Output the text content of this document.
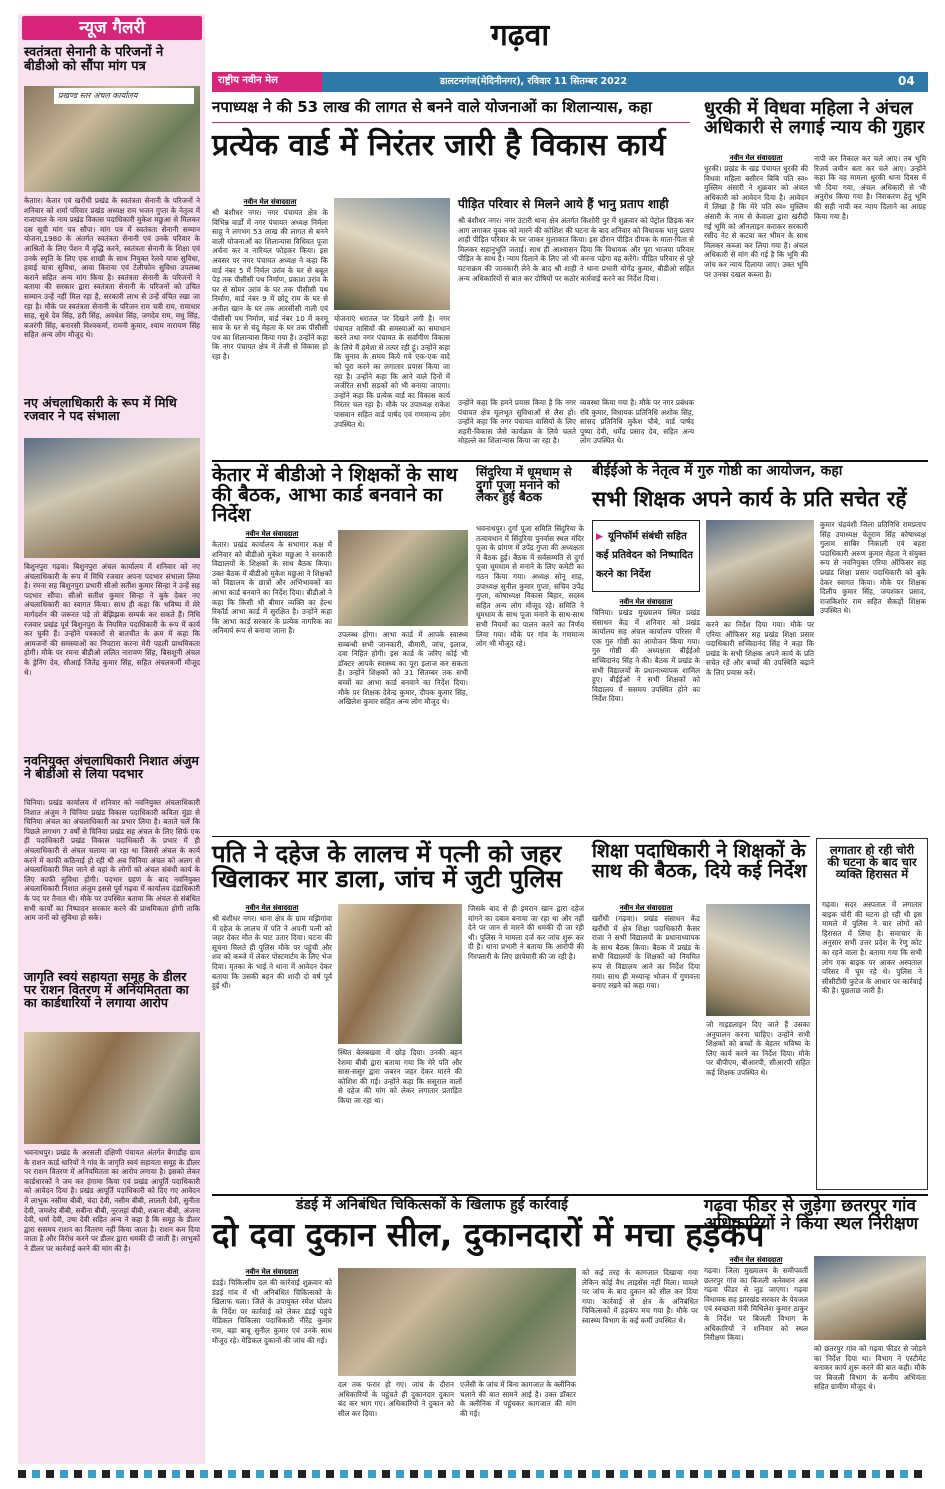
न्यूज गैलरी
स्वतंत्रता सेनानी के परिजनों ने बीडीओ को सौंपा मांग पत्र
प्रखण्ड स्तर अंचल कार्यालय
केताार। केतार एवं खरौंधी प्रखंड के स्वतंत्रता सेनानी के परिजनों ने शनिवार को शर्मा परिवार प्रखंड अध्यक्ष राम भजन गुप्ता के नेतृत्व में राजापाल के नाम प्रखंड विकास पदाधिकारी मुकेश मछुआ से मिलकर दस सूत्री मांग पत्र सौंपा। मांग पत्र में स्वतंत्रता सेनानी सम्मान योजना,1980 के अंतर्गत स्वतंत्रता सेनानी एवं उनके परिवार के आश्रितों के लिए पेंशन में वृद्धि करने, स्वतंत्रता सेनानी के शिक्षा एवं उनके स्मृति के लिए एक शाखी के साथ नियुक्त रेलवे यात्रा सुविधा, हवाई यात्रा सुविधा, आवा किराया एवं टेलीफोन सुविधा उपलब्ध कराने सहित अन्य मांग किया है। स्वतंत्रता सेनानी के परिजनों ने बताया की सरकार द्वारा स्वतंत्रता सेनानी के परिजनों को उचित सम्मान उन्हें नहीं मिल रहा है, सरकारी लाभ से उन्हें वंचित रखा जा रहा है। मौके पर स्वतंत्रता सेनानी के परिजन राम चत्री राम, रामाधार साह, सुधे देव सिंह, हरी सिंह, अवधेश सिंह, जगदेव राम, मधु सिंह, बजरंगी सिंह, बनारसी विश्वकर्मा, रामनी कुमार, श्याम नारायण सिंह सहित अन्य लोग मौजूद थे।
नए अंचलाधिकारी के रूप में मिथि रजवार ने पद संभाला
बिशुनपुरा गढ़वा। बिशुनपुरा अंचल कार्यालय में शनिवार को नए अंचलाधिकारी के रूप में मिथि रजवार अपना पदभार संभाला लिया है। रमना सह बिशुनपुरा प्रभारी सीओ सतीश कुमार सिन्हा ने उन्हें सह पदभार सौंपा। सीओ सतीश कुमार सिन्हा ने बुके देकर नए अंचलाधिकारी का स्वागत किया। साथ ही कहा कि भविष्य में मेरे मार्गदर्शन की जरूरत पड़े तो बेझिझक सम्पर्क कर सकते हैं। निधि रजवार प्रखंड पूर्व बिशुनपुरा के नियमित पदाधिकारी के रूप में कार्य कर चुकी हैं। उन्होंने पत्रकारों से बातचीत के क्रम में कहा कि आमजनों की समस्याओं का निपटारा करना मेरी पहली प्राथमिकता होगी। मौके पर रमना बीडीओ ललित नारायण सिंह, बिसशुनी अंचल के ड्रेनिंग देव, सीआई जितेंद्र कुमार सिंह, सहित अंचलकर्मी मौजूद थे।
नवनियुक्त अंचलाधिकारी निशात अंजुम ने बीडीओ से लिया पदभार
चिनिया। प्रखंड कार्यालय में शनिवार को नवनियुक्त अंचलाधिकारी निशात अंजुम ने चिनिया प्रखंड विकास पदाधिकारी कविता मुंडा से चिनिया अंचल का अंचलाधिकारी का प्रभार लिया है। बताते चलें कि पिछले लगभग 7 वर्षों से चिनिया प्रखंड सह अंचल के लिए सिर्फ एक ही पदाधिकारी प्रखंड विकास पदाधिकारी के प्रभार में ही अंचलाधिकारी से अंचल चलाया जा रहा था जिससे अंचल के कार्य करने में काफी कठिनाई हो रही थी अब चिनिया अंचल को अलग से अंचलाधिकारी मिल जाने से वहां के लोगों को अंचल संबंधी कार्य के लिए काफी सुविधा होगी। पदभार ग्रहण के बाद नवनियुक्त अंचलाधिकारी निशात अंजुम इससे पूर्व गढ़वा में कार्यालय दंडाधिकारी के पद पर तैनात थी। मौके पर उपस्थित बताया कि अंचल से संबंधित सभी कार्यों का निष्पादन सरकार करने की प्राथमिकता होगी ताकि आम जनों को सुविधा हो सके।
जागृति स्वयं सहायता समूह के डीलर पर राशन वितरण में अनियमितता का का कार्डधारियों ने लगाया आरोप
भवनाथपुर। प्रखंड के अरसली दक्षिणी पंचायत अंतर्गत बैगाडीह ग्राम के राशन कार्ड धारियों ने गांव के जागृति स्वयं सहायता समूह के डीलर पर राशन वितरण में अनियमितता का आरोप लगाया है। इसको लेकर कार्डधारकों ने जम कर हंगामा किया एवं प्रखंड आपूर्ति पदाधिकारी को आवेदन दिया है। प्रखंड आपूर्ति पदाधिकारी को दिए गए आवेदन में लाभुक नसीमा बीबी, चंदा देवी, नसीम बीबी, लालती देवी, सुनीता देवी, जमशेद बीबी, सबीना बीबी, नूरजहां बीबी, शबाना बीबी, अंजना देवी, धर्मा देवी, उषा देवी सहित अन्य ने कहा है कि समूह के डीलर द्वारा ससमय राशन का वितरण नहीं किया जाता है। राशन कम दिया जाता है और विरोध करने पर डीलर द्वारा धमकी दी जाती है। लाभुकों ने डीलर पर कार्रवाई करने की मांग की है।
गढ़वा
राष्ट्रीय नवीन मेल	डालटनगंज(मेदिनीनगर), रविवार 11 सितम्बर 2022	04
नपाध्यक्ष ने की 53 लाख की लागत से बनने वाले योजनाओं का शिलान्यास, कहा
प्रत्येक वार्ड में निरंतर जारी है विकास कार्य
नवीन मेल संवाददाता
श्री बंशीधर नगर। नगर पंचायत क्षेत्र के विभिन्न वार्डों में नगर पंचायत अध्यक्ष निर्मला साहू ने लगभग 53 लाख की लागत से बनने वाली योजनाओं का शिलान्यास विधिवत पूजा अर्चना कर व नारियल फोड़कर किया। इस अवसर पर नगर पंचायत अध्यक्ष ने कहा कि वार्ड नंबर 5 में निर्मल उरांव के घर से बबूल पेड़ तक पीसीसी पथ निर्माण, प्रकाश उरांव के घर से सोमर उरांव के घर तक पीसीसी पथ निर्माण, वार्ड नंबर 9 में छोटू राम के घर से अनील खान के घर तक आरसीसी नाली एवं पीसीसी पथ निर्माण, वार्ड नंबर 10 में करमू साव के घर से चंदू मेहता के घर तक पीसीसी पथ का शिलान्यास किया गया है। उन्होंने कहा कि नगर पंचायत क्षेत्र में तेजी से विकास हो रहा है।
योजनाएं धरातल पर दिखने लगी है। नगर पंचायत वासियों की समस्याओं का समाधान करने तथा नगर पंचायत के सर्वांगीण विकास के लिये मैं हमेशा से तत्पर रही हूं। उन्होंने कहा कि चुनाव के समय किये गये एक-एक वादे को पूरा करने का लगातार प्रयास किया जा रहा है। उन्होंने कहा कि आने वाले दिनों में जर्जरित सभी सड़कों को भी बनाया जाएगा। उन्होंने कहा कि प्रत्येक वार्ड का विकास कार्य निरंतर चल रहा है। मौके पर उपाध्यक्ष राकेश पासवान सहित वार्ड पार्षद एवं गणमान्य लोग उपस्थित थे।
पीड़ित परिवार से मिलने आये हैं भानु प्रताप शाही
श्री बंशीधर नगर। नगर उंटारी थाना क्षेत्र अंतर्गत किशोरी पुर में शुक्रवार को पेट्रोल छिड़क कर आग लगाकर युवक को मारने की कोशिश की घटना के बाद शनिवार को विधायक भानु प्रताप शाही पीड़ित परिवार के घर जाकर मुलाकात किया। इस दौरान पीड़ित दीपक के माता-पिता से मिलकर सहानुभूति जताई। साथ ही आश्वासन दिया कि विधायक और पूरा भाजपा परिवार पीड़ित के साथ है। न्याय दिलाने के लिए जो भी करना पड़ेगा वह करेंगे। पीड़ित परिवार से पूरे घटनाक्रम की जानकारी लेने के बाद श्री शाही ने थाना प्रभारी योगेंद्र कुमार, बीडीओ सहित अन्य अधिकारियों से बात कर दोषियों पर कठोर कार्रवाई करने का निर्देश दिया।
उन्होंने कहा कि हमने प्रयास किया है कि नगर पंचायत क्षेत्र मूलभूत सुविधाओं से लैस हो। उन्होंने कहा कि नगर पंचायत वासियों के लिए शहरी-विकास जैसे कार्यक्रम के लिये चलते मोहल्ले का शिलान्यास किया जा रहा है।
व्यवस्था किया गया है। मौके पर नगर प्रबंधक रवि कुमार, विधायक प्रतिनिधि अशोक सिंह, सांसद प्रतिनिधि मुकेश चौबे, वार्ड पार्षद पुष्पा देवी, धर्मेंद्र प्रसाद देव, सहित अन्य लोग उपस्थित थे।
धुरकी में विधवा महिला ने अंचल अधिकारी से लगाई न्याय की गुहार
नवीन मेल संवाददाता
धुरकी। प्रखंड के खड़ पंचायत धुरकी की विधवा महिला बसीरन बिबि पति स्व० मुस्लिम अंसारी ने शुक्रवार को अंचल अधिकारी को आवेदन दिया है। आवेदन में लिखा है कि मेरे पति स्व० मुस्लिम अंसारी के नाम से केवाला द्वारा खरीदी गई भूमि को ऑनलाइन कराकर सरकारी रसीद नेट से कटवा कर भीमन के साथ मिलकर कब्जा कर लिया गया है। अंचल अधिकारी से मांग की गई है कि भूमि की जांच कर न्याय दिलाया जाए। उक्त भूमि पर उनका दखल कब्जा है।
नापी कर निकाल कर चले आए। तब भूमि रिजर्व जमीन बता कर चले आए। उन्होंने कहा कि वह मामला धुरकी थाना दिवस में भी दिया गया, अंचल अधिकारी से भी अनुरोध किया गया है। निराकरण हेतु भूमि की सही नापी कर न्याय दिलाने का आग्रह किया गया है।
केतार में बीडीओ ने शिक्षकों के साथ की बैठक, आभा कार्ड बनवाने का निर्देश
नवीन मेल संवाददाता
केतार। प्रखंड कार्यालय के सभागार कक्ष में शनिवार को बीडीओ मुकेश मछुआ ने सरकारी विद्यालयों के शिक्षकों के साथ बैठक किया। उक्त बैठक में बीडीओ मुकेश मछुआ ने शिक्षकों को विद्यालय के छात्रों और अभिभावकों का आभा कार्ड बनवाने का निर्देश दिया। बीडीओ ने कहा कि किसी भी बीमार व्यक्ति का हेल्थ रिकॉर्ड आभा कार्ड में सुरक्षित है। उन्होंने कहा कि आभा कार्ड सरकार के प्रत्येक नागरिक का अनिवार्य रूप से बनाया जाना है।	उपलब्ध होगा। आभा कार्ड में आपके स्वास्थ्य सम्बन्धी सभी जानकारी, बीमारी, जांच, इलाज, दवा निहित होगी। इस कार्ड के जरिए कोई भी डॉक्टर आपके स्वास्थ्य का पूरा इलाज कर सकता है। उन्होंने शिक्षकों को 31 सितम्बर तक सभी बच्चों का आभा कार्ड बनवाने का निर्देश दिया। मौके पर शिक्षक देवेन्द्र कुमार, दीपक कुमार सिंह, अखिलेश कुमार सहित अन्य लोग मौजूद थे।
सिंदुरिया में धूमधाम से दुर्गा पूजा मनाने को लेकर हुई बैठक
भवनाथपुर। दुर्गा पूजा समिति सिंदुरिया के तत्वावधान में सिंदुरिया पुनर्वास स्थल मंदिर पूजा के प्रांगण में उपेंद्र गुप्ता की अध्यक्षता में बैठक हुई। बैठक में सर्वसम्मति से दुर्गा पूजा धूमधाम से मनाने के लिए कमेटी का गठन किया गया। अध्यक्ष सोनू शाह, उपाध्यक्ष सुनील कुमार गुप्ता, सचिव उपेंद्र गुप्ता, कोषाध्यक्ष विकास बिहार, सदस्य सहित अन्य लोग मौजूद रहे। समिति ने धूमधाम के साथ पूजा मनाने के साथ-साथ सभी नियमों का पालन करने का निर्णय लिया गया। मौके पर गांव के गणमान्य लोग भी मौजूद रहे।
बीईईओ के नेतृत्व में गुरु गोष्ठी का आयोजन, कहा
सभी शिक्षक अपने कार्य के प्रति सचेत रहें
▶ यूनिफॉर्म संबंधी सहित कई प्रतिवेदन को निष्पादित करने का निर्देश
नवीन मेल संवाददाता
चिनिया। प्रखंड मुख्यालय स्थित प्रखंड संसाधन केंद्र में शनिवार को प्रखंड कार्यालय सह अंचल कार्यालय परिसर में एक गुरु गोष्ठी का आयोजन किया गया। गुरु गोष्ठी की अध्यक्षता बीईईओ सच्चिदानंद सिंह ने की। बैठक में प्रखंड के सभी विद्यालयों के प्रधानाध्यापक शामिल हुए। बीईईओ ने सभी शिक्षकों को विद्यालय में ससमय उपस्थित होने का निर्देश दिया।
करने का निर्देश दिया गया। मौके पर एरिया ऑफिसर सह प्रखंड शिक्षा प्रसार पदाधिकारी सच्चिदानंद सिंह ने कहा कि प्रखंड के सभी शिक्षक अपने कार्य के प्रति सचेत रहें और बच्चों की उपस्थिति बढ़ाने के लिए प्रयास करें।
कुमार चंद्रवंशी जिला प्रतिनिधि रामप्रताप सिंह उपाध्यक्ष चेतूराम सिंह कोषाध्यक्ष गुलाम साबिर निकाली एवं बहरा पदाधिकारी अरुण कुमार मेहता ने संयुक्त रूप से नवनियुक्त एरिया ऑफिसर सह प्रखंड शिक्षा प्रसार पदाधिकारी को बुके देकर स्वागत किया। मौके पर शिक्षक दिलीप कुमार सिंह, जयशंकर प्रसाद, राजकिशोर राम सहित सैकड़ों शिक्षक उपस्थित थे।
पति ने दहेज के लालच में पत्नी को जहर खिलाकर मार डाला, जांच में जुटी पुलिस
नवीन मेल संवाददाता
श्री बंशीधर नगर। थाना क्षेत्र के ग्राम मझिगांवा में दहेज के लालच में पति ने अपनी पत्नी को जहर देकर मौत के घाट उतार दिया। घटना की सूचना मिलते ही पुलिस मौके पर पहुंची और शव को कब्जे में लेकर पोस्टमार्टम के लिए भेज दिया। मृतका के भाई ने थाना में आवेदन देकर बताया कि उसकी बहन की शादी दो वर्ष पूर्व हुई थी।
स्थित बेलबखवा में छोड़ दिया। उनकी बहन रेशमा बीबी द्वारा बताया गया कि मेरे पति और सास-ससुर द्वारा जबरन जहर देकर मारने की कोशिश की गई। उन्होंने कहा कि ससुराल वालों से दहेज की मांग को लेकर लगातार प्रताड़ित किया जा रहा था।
जिसके बाद से ही इमरान खान द्वारा दहेज मांगने का दबाव बनाया जा रहा था और नहीं देने पर जान से मारने की धमकी दी जा रही थी। पुलिस ने मामला दर्ज कर जांच शुरू कर दी है। थाना प्रभारी ने बताया कि आरोपी की गिरफ्तारी के लिए छापेमारी की जा रही है।
शिक्षा पदाधिकारी ने शिक्षकों के साथ की बैठक, दिये कई निर्देश
नवीन मेल संवाददाता
खरौंधी (गढ़वा)। प्रखंड संसाधन केंद्र खरौंधी में क्षेत्र शिक्षा पदाधिकारी कैसर राजा ने सभी विद्यालयों के प्रधानाध्यापक के साथ बैठक किया। बैठक में प्रखंड के सभी विद्यालयों के शिक्षकों को नियमित रूप से विद्यालय आने का निर्देश दिया गया। साथ ही मध्यान्ह भोजन में गुणवत्ता बनाए रखने को कहा गया।
जो गाइडलाइन दिए जाते हैं उसका अनुपालन करना चाहिए। उन्होंने सभी शिक्षकों को बच्चों के बेहतर भविष्य के लिए कार्य करने का निर्देश दिया। मौके पर बीपीएम, बीआरपी, सीआरपी सहित कई शिक्षक उपस्थित थे।
लगातार हो रही चोरी की घटना के बाद चार व्यक्ति हिरासत में
गढ़वा। सदर अस्पताल में लगातार बाइक चोरी की घटना हो रही थी इस मामले में पुलिस ने चार लोगों को हिरासत में लिया है। समाचार के अनुसार सभी उत्तर प्रदेश के रेणु कोट का रहने वाला है। बताया गया कि सभी लोग एक बाइक पर आकर अस्पताल परिसर में घूम रहे थे। पुलिस ने सीसीटीवी फुटेज के आधार पर कार्रवाई की है। पूछताछ जारी है।
डंडई में अनिबंधित चिकित्सकों के खिलाफ हुई कार्रवाई
दो दवा दुकान सील, दुकानदारों में मचा हड़कंप
नवीन मेल संवाददाता
डंडई। चिकित्सीय दल की कार्रवाई शुक्रवार को डंडई गांव में भी अनिबंधित चिकित्सकों के खिलाफ चला। जिले के उपायुक्त रमेश घोलप के निर्देश पर कार्रवाई को लेकर डंडई पहुंचे मेडिकल चिकित्सा पदाधिकारी नीरेंद्र कुमार राम, बड़ा बाबू सुनील कुमार एवं उनके साथ मौजूद रहे। मेडिकल दुकानों की जांच की गई।
दल तक फरार हो गए। जांच के दौरान अधिकारियों के पहुंचते ही दुकानदार दुकान बंद कर भाग गए। अधिकारियों ने दुकान को सील कर दिया।
एजेंसी के जांच में बिना कागजात के क्लीनिक चलाने की बात सामने आई है। उक्त डॉक्टर के क्लीनिक में पहुंचकर कागजात की मांग की गई।
को कई तरह के कागजात दिखाया गया लेकिन कोई वैध लाइसेंस नहीं मिला। मामले पर जांच के बाद दुकान को सील कर दिया गया। कार्रवाई से क्षेत्र के अनिबंधित चिकित्सकों में हड़कंप मच गया है। मौके पर स्वास्थ्य विभाग के कई कर्मी उपस्थित थे।
गढ़वा फीडर से जुड़ेगा छतरपुर गांव अधिकारियों ने किया स्थल निरीक्षण
नवीन मेल संवाददाता
गढ़वा। जिला मुख्यालय के समीपवर्ती छतरपुर गांव का बिजली कनेक्शन अब गढ़वा फीडर से जुड़ जाएगा। गढ़वा विधायक सह झारखंड सरकार के पेयजल एवं स्वच्छता मंत्री मिथिलेश कुमार ठाकुर के निर्देश पर बिजली विभाग के अधिकारियों ने शनिवार को स्थल निरीक्षण किया।
को छतरपुर गांव को गढ़वा फीडर से जोड़ने का निर्देश दिया था। विभाग ने एस्टीमेट बनाकर कार्य शुरू करने की बात कही। मौके पर बिजली विभाग के कनीय अभियंता सहित ग्रामीण मौजूद थे।
